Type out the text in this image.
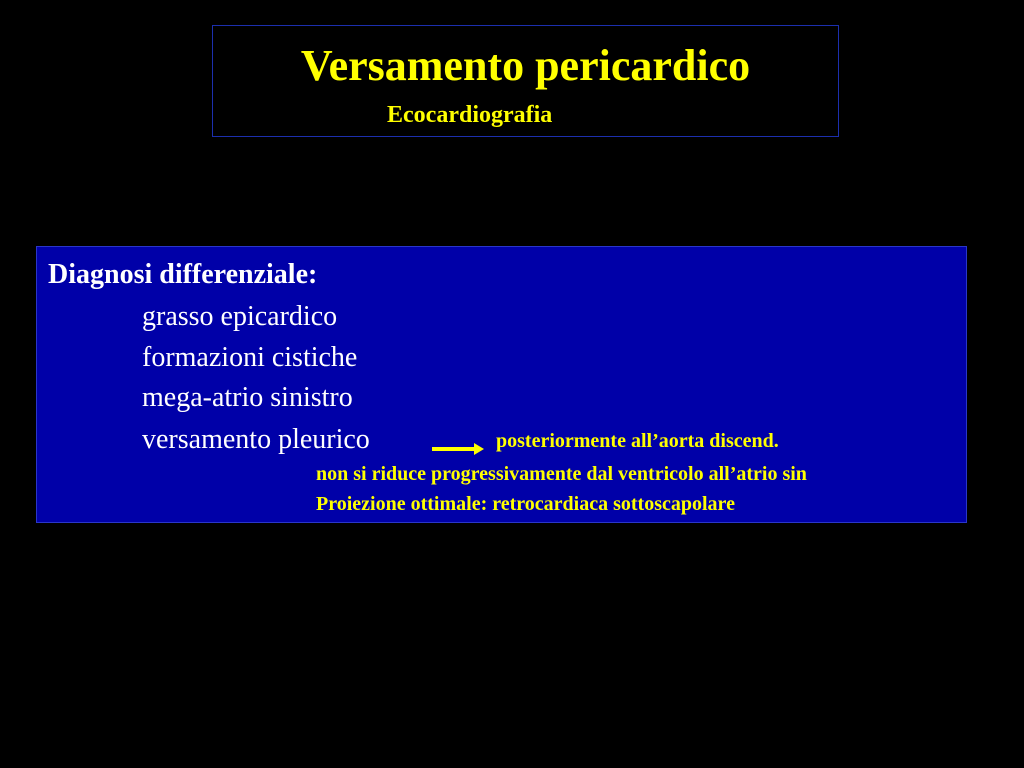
Versamento pericardico
Ecocardiografia
Diagnosi differenziale:
grasso epicardico
formazioni cistiche
mega-atrio sinistro
versamento pleurico	posteriormente all’aorta discend.
non si riduce progressivamente dal ventricolo all’atrio sin
Proiezione ottimale: retrocardiaca sottoscapolare
